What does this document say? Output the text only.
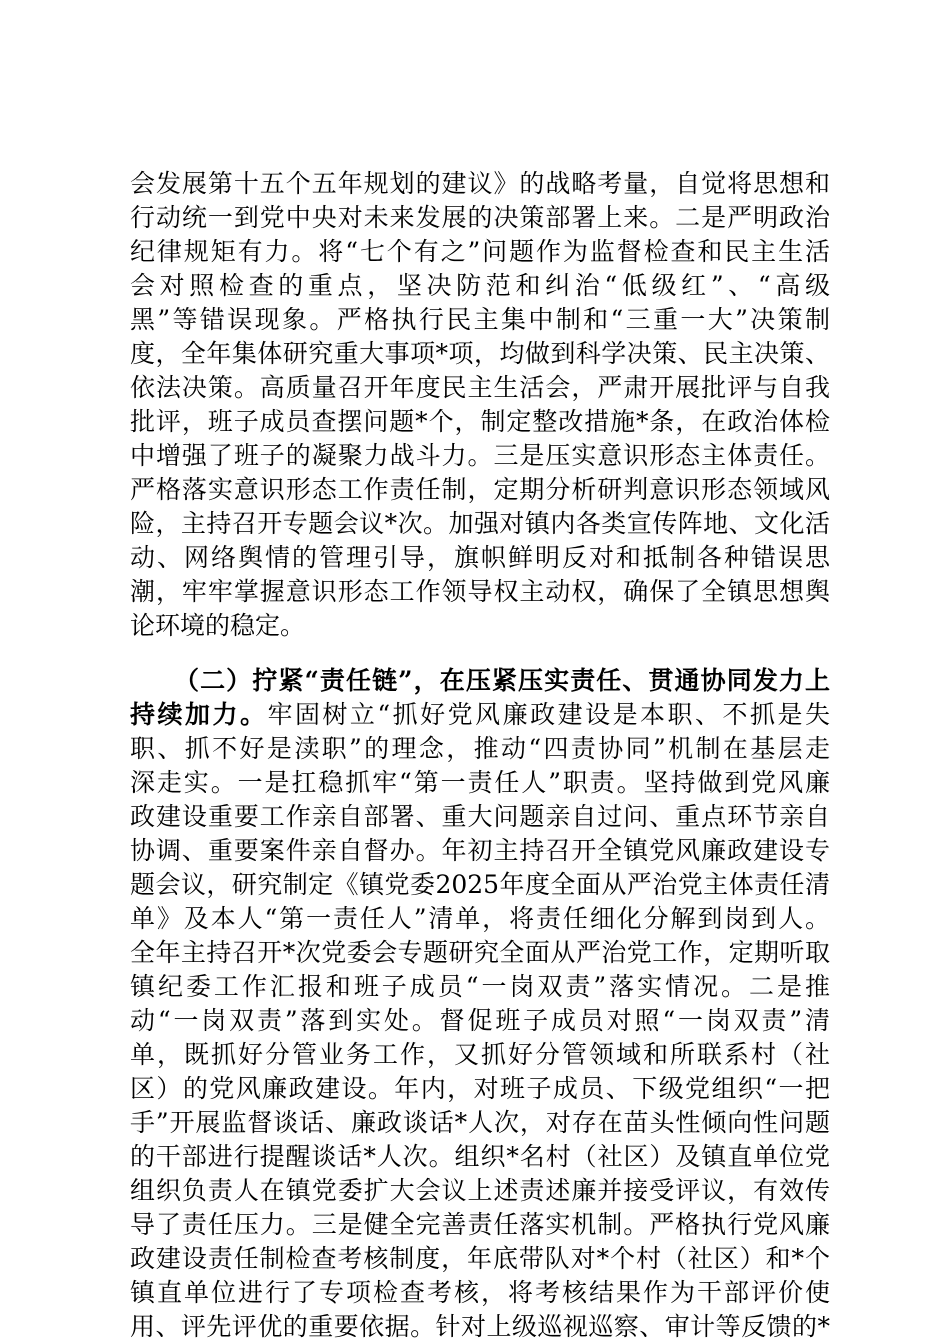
会发展第十五个五年规划的建议》的战略考量，自觉将思想和
行动统一到党中央对未来发展的决策部署上来。二是严明政治
纪律规矩有力。将“七个有之”问题作为监督检查和民主生活
会对照检查的重点，坚决防范和纠治“低级红”、“高级
黑”等错误现象。严格执行民主集中制和“三重一大”决策制
度，全年集体研究重大事项*项，均做到科学决策、民主决策、
依法决策。高质量召开年度民主生活会，严肃开展批评与自我
批评，班子成员查摆问题*个，制定整改措施*条，在政治体检
中增强了班子的凝聚力战斗力。三是压实意识形态主体责任。
严格落实意识形态工作责任制，定期分析研判意识形态领域风
险，主持召开专题会议*次。加强对镇内各类宣传阵地、文化活
动、网络舆情的管理引导，旗帜鲜明反对和抵制各种错误思
潮，牢牢掌握意识形态工作领导权主动权，确保了全镇思想舆
论环境的稳定。
（二）拧紧“责任链”，在压紧压实责任、贯通协同发力上
持续加力。牢固树立“抓好党风廉政建设是本职、不抓是失
职、抓不好是渎职”的理念，推动“四责协同”机制在基层走
深走实。一是扛稳抓牢“第一责任人”职责。坚持做到党风廉
政建设重要工作亲自部署、重大问题亲自过问、重点环节亲自
协调、重要案件亲自督办。年初主持召开全镇党风廉政建设专
题会议，研究制定《镇党委2025年度全面从严治党主体责任清
单》及本人“第一责任人”清单，将责任细化分解到岗到人。
全年主持召开*次党委会专题研究全面从严治党工作，定期听取
镇纪委工作汇报和班子成员“一岗双责”落实情况。二是推
动“一岗双责”落到实处。督促班子成员对照“一岗双责”清
单，既抓好分管业务工作，又抓好分管领域和所联系村（社
区）的党风廉政建设。年内，对班子成员、下级党组织“一把
手”开展监督谈话、廉政谈话*人次，对存在苗头性倾向性问题
的干部进行提醒谈话*人次。组织*名村（社区）及镇直单位党
组织负责人在镇党委扩大会议上述责述廉并接受评议，有效传
导了责任压力。三是健全完善责任落实机制。严格执行党风廉
政建设责任制检查考核制度，年底带队对*个村（社区）和*个
镇直单位进行了专项检查考核，将考核结果作为干部评价使
用、评先评优的重要依据。针对上级巡视巡察、审计等反馈的*
